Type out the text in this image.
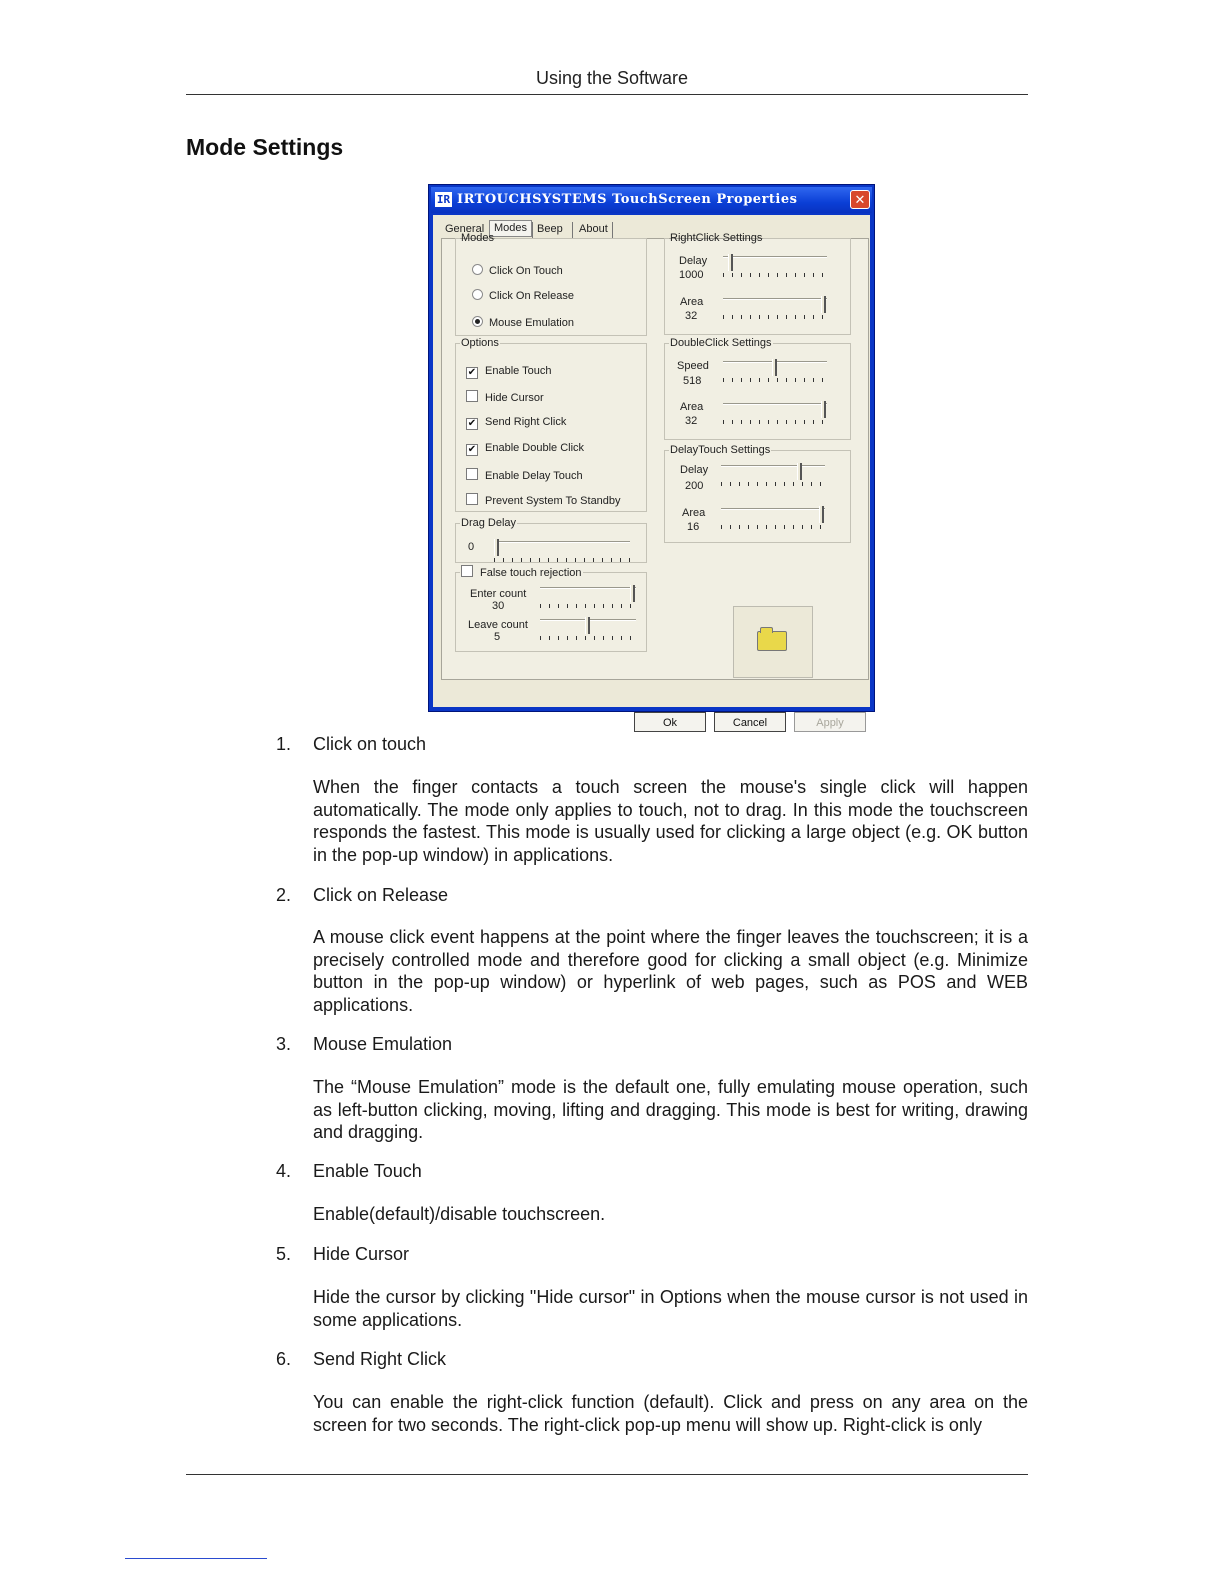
Using the Software
Mode Settings
IR IRTOUCHSYSTEMS TouchScreen Properties	✕
General Modes Beep About
Modes
Click On Touch
Click On Release
Mouse Emulation
Options
✔ Enable Touch
Hide Cursor
✔ Send Right Click
✔ Enable Double Click
Enable Delay Touch
Prevent System To Standby
Drag Delay
0
False touch rejection
Enter count
30
Leave count
5
RightClick Settings
Delay
1000
Area
32
DoubleClick Settings
Speed
518
Area
32
DelayTouch Settings
Delay
200
Area
16
Ok	Cancel	Apply
1. Click on touch
When the finger contacts a touch screen the mouse's single click will happen automatically. The mode only applies to touch, not to drag. In this mode the touchscreen responds the fastest. This mode is usually used for clicking a large object (e.g. OK button in the pop-up window) in applications.
2. Click on Release
A mouse click event happens at the point where the finger leaves the touchscreen; it is a precisely controlled mode and therefore good for clicking a small object (e.g. Minimize button in the pop-up window) or hyperlink of web pages, such as POS and WEB applications.
3. Mouse Emulation
The “Mouse Emulation” mode is the default one, fully emulating mouse operation, such as left-button clicking, moving, lifting and dragging. This mode is best for writing, drawing and dragging.
4. Enable Touch
Enable(default)/disable touchscreen.
5. Hide Cursor
Hide the cursor by clicking "Hide cursor" in Options when the mouse cursor is not used in some applications.
6. Send Right Click
You can enable the right-click function (default). Click and press on any area on the screen for two seconds. The right-click pop-up menu will show up. Right-click is only
